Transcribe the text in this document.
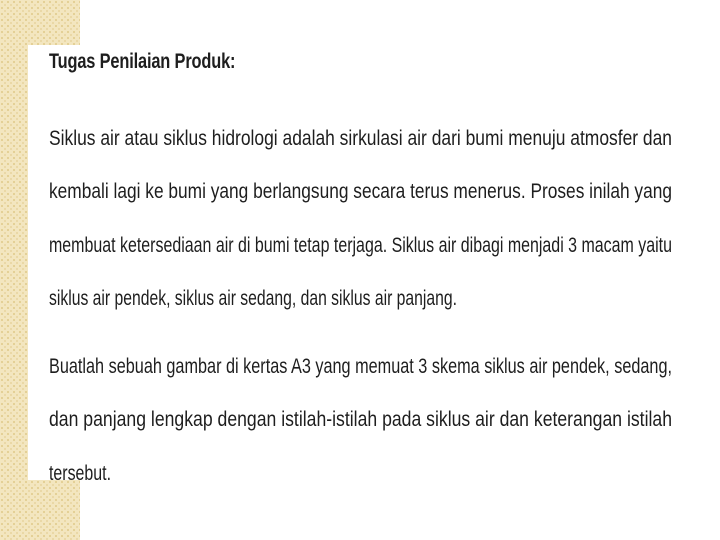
Tugas Penilaian Produk:
Siklus air atau siklus hidrologi adalah sirkulasi air dari bumi menuju atmosfer dan
kembali lagi ke bumi yang berlangsung secara terus menerus. Proses inilah yang
membuat ketersediaan air di bumi tetap terjaga. Siklus air dibagi menjadi 3 macam yaitu
siklus air pendek, siklus air sedang, dan siklus air panjang.
Buatlah sebuah gambar di kertas A3 yang memuat 3 skema siklus air pendek, sedang,
dan panjang lengkap dengan istilah-istilah pada siklus air dan keterangan istilah
tersebut.
